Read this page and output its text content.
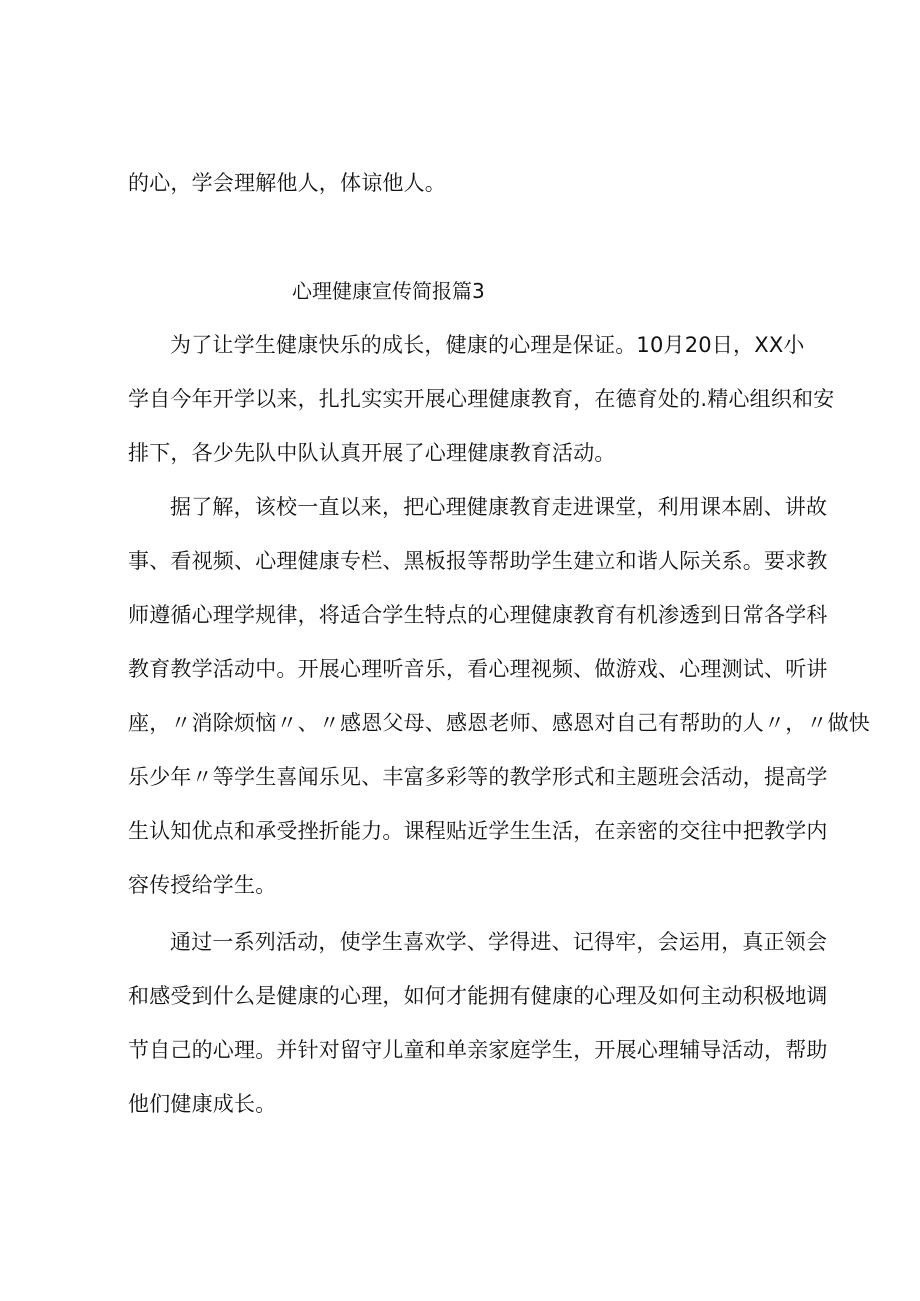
的心，学会理解他人，体谅他人。
心理健康宣传简报篇3
为了让学生健康快乐的成长，健康的心理是保证。10月20日，XX小
学自今年开学以来，扎扎实实开展心理健康教育，在德育处的.精心组织和安
排下，各少先队中队认真开展了心理健康教育活动。
据了解，该校一直以来，把心理健康教育走进课堂，利用课本剧、讲故
事、看视频、心理健康专栏、黑板报等帮助学生建立和谐人际关系。要求教
师遵循心理学规律，将适合学生特点的心理健康教育有机渗透到日常各学科
教育教学活动中。开展心理听音乐，看心理视频、做游戏、心理测试、听讲
座，〃消除烦恼〃、〃感恩父母、感恩老师、感恩对自己有帮助的人〃，〃做快
乐少年〃等学生喜闻乐见、丰富多彩等的教学形式和主题班会活动，提高学
生认知优点和承受挫折能力。课程贴近学生生活，在亲密的交往中把教学内
容传授给学生。
通过一系列活动，使学生喜欢学、学得进、记得牢，会运用，真正领会
和感受到什么是健康的心理，如何才能拥有健康的心理及如何主动积极地调
节自己的心理。并针对留守儿童和单亲家庭学生，开展心理辅导活动，帮助
他们健康成长。
